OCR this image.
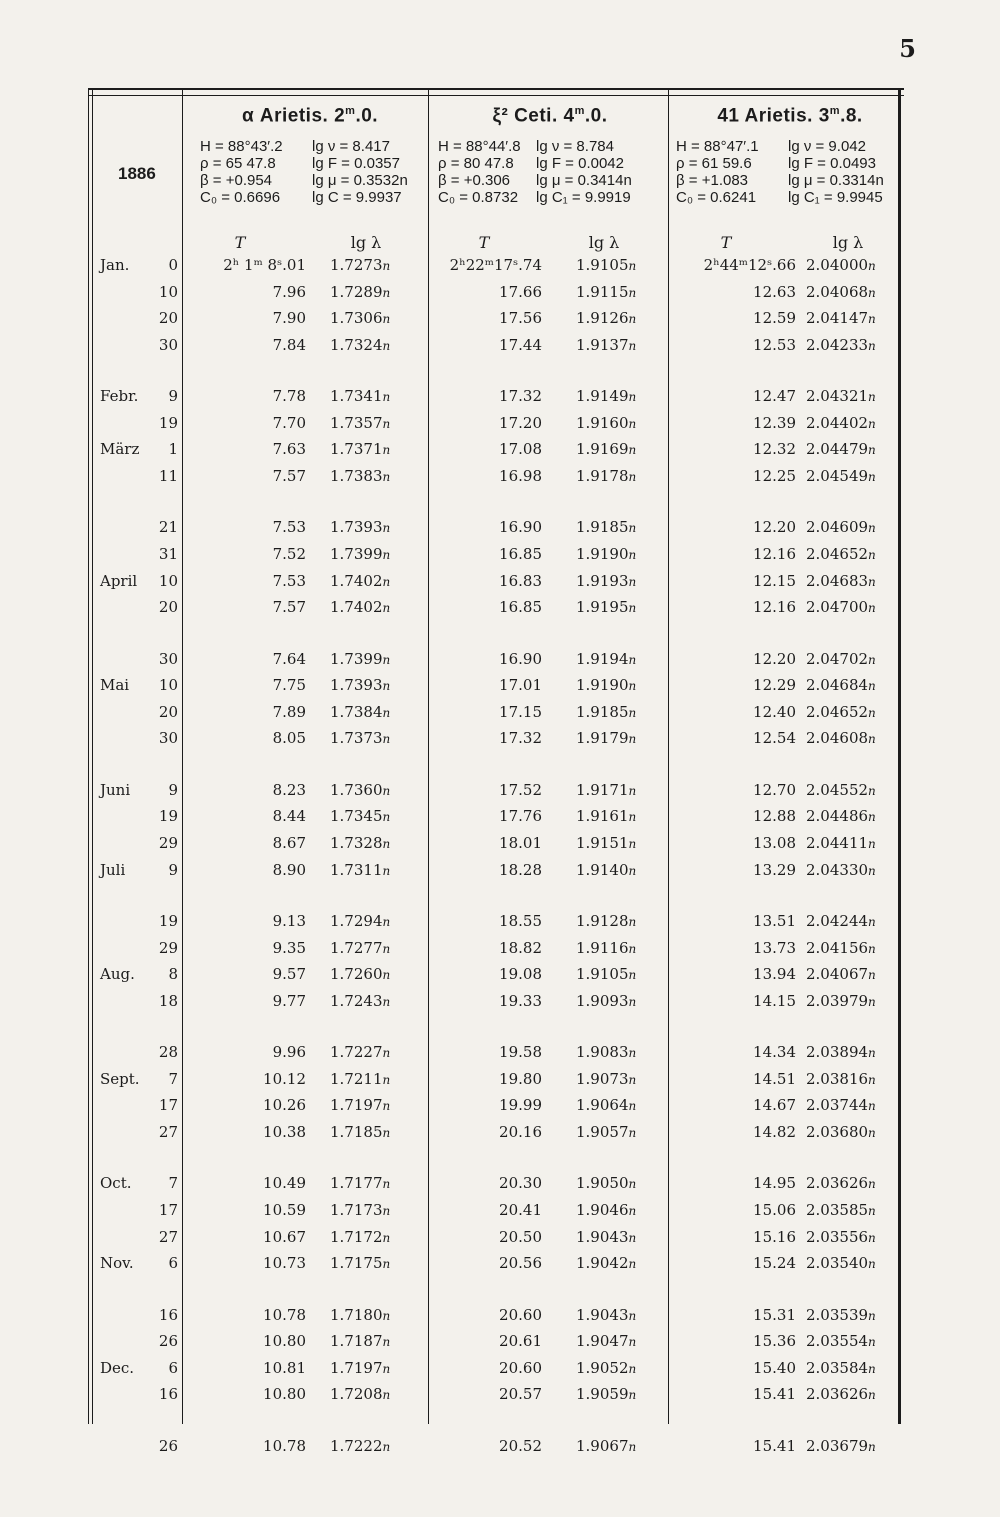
5
1886
α Arietis. 2$^m$.0.	ξ² Ceti. 4$^m$.0.	41 Arietis. 3$^m$.8.
H = 88°43′.2
ρ = 65 47.8
β = +0.954
C₀ = 0.6696
lg ν = 8.417
lg F = 0.0357
lg μ = 0.3532n
lg C = 9.9937
H = 88°44′.8
ρ = 80 47.8
β = +0.306
C₀ = 0.8732
lg ν = 8.784
lg F = 0.0042
lg μ = 0.3414n
lg C₁ = 9.9919
H = 88°47′.1
ρ = 61 59.6
β = +1.083
C₀ = 0.6241
lg ν = 9.042
lg F = 0.0493
lg μ = 0.3314n
lg C₁ = 9.9945
T	lg λ	T	lg λ	T	lg λ
Jan.	0	2ʰ 1ᵐ 8ˢ.01 1.7273n	2ʰ22ᵐ17ˢ.74 1.9105n	2ʰ44ᵐ12ˢ.66 2.04000n
10	7.96 1.7289n	17.66 1.9115n	12.63 2.04068n
20	7.90 1.7306n	17.56 1.9126n	12.59 2.04147n
30	7.84 1.7324n	17.44 1.9137n	12.53 2.04233n
Febr.	9	7.78 1.7341n	17.32 1.9149n	12.47 2.04321n
19	7.70 1.7357n	17.20 1.9160n	12.39 2.04402n
März	1	7.63 1.7371n	17.08 1.9169n	12.32 2.04479n
11	7.57 1.7383n	16.98 1.9178n	12.25 2.04549n
21	7.53 1.7393n	16.90 1.9185n	12.20 2.04609n
31	7.52 1.7399n	16.85 1.9190n	12.16 2.04652n
April	10	7.53 1.7402n	16.83 1.9193n	12.15 2.04683n
20	7.57 1.7402n	16.85 1.9195n	12.16 2.04700n
30	7.64 1.7399n	16.90 1.9194n	12.20 2.04702n
Mai	10	7.75 1.7393n	17.01 1.9190n	12.29 2.04684n
20	7.89 1.7384n	17.15 1.9185n	12.40 2.04652n
30	8.05 1.7373n	17.32 1.9179n	12.54 2.04608n
Juni	9	8.23 1.7360n	17.52 1.9171n	12.70 2.04552n
19	8.44 1.7345n	17.76 1.9161n	12.88 2.04486n
29	8.67 1.7328n	18.01 1.9151n	13.08 2.04411n
Juli	9	8.90 1.7311n	18.28 1.9140n	13.29 2.04330n
19	9.13 1.7294n	18.55 1.9128n	13.51 2.04244n
29	9.35 1.7277n	18.82 1.9116n	13.73 2.04156n
Aug.	8	9.57 1.7260n	19.08 1.9105n	13.94 2.04067n
18	9.77 1.7243n	19.33 1.9093n	14.15 2.03979n
28	9.96 1.7227n	19.58 1.9083n	14.34 2.03894n
Sept.	7	10.12 1.7211n	19.80 1.9073n	14.51 2.03816n
17	10.26 1.7197n	19.99 1.9064n	14.67 2.03744n
27	10.38 1.7185n	20.16 1.9057n	14.82 2.03680n
Oct.	7	10.49 1.7177n	20.30 1.9050n	14.95 2.03626n
17	10.59 1.7173n	20.41 1.9046n	15.06 2.03585n
27	10.67 1.7172n	20.50 1.9043n	15.16 2.03556n
Nov.	6	10.73 1.7175n	20.56 1.9042n	15.24 2.03540n
16	10.78 1.7180n	20.60 1.9043n	15.31 2.03539n
26	10.80 1.7187n	20.61 1.9047n	15.36 2.03554n
Dec.	6	10.81 1.7197n	20.60 1.9052n	15.40 2.03584n
16	10.80 1.7208n	20.57 1.9059n	15.41 2.03626n
26	10.78 1.7222n	20.52 1.9067n	15.41 2.03679n
